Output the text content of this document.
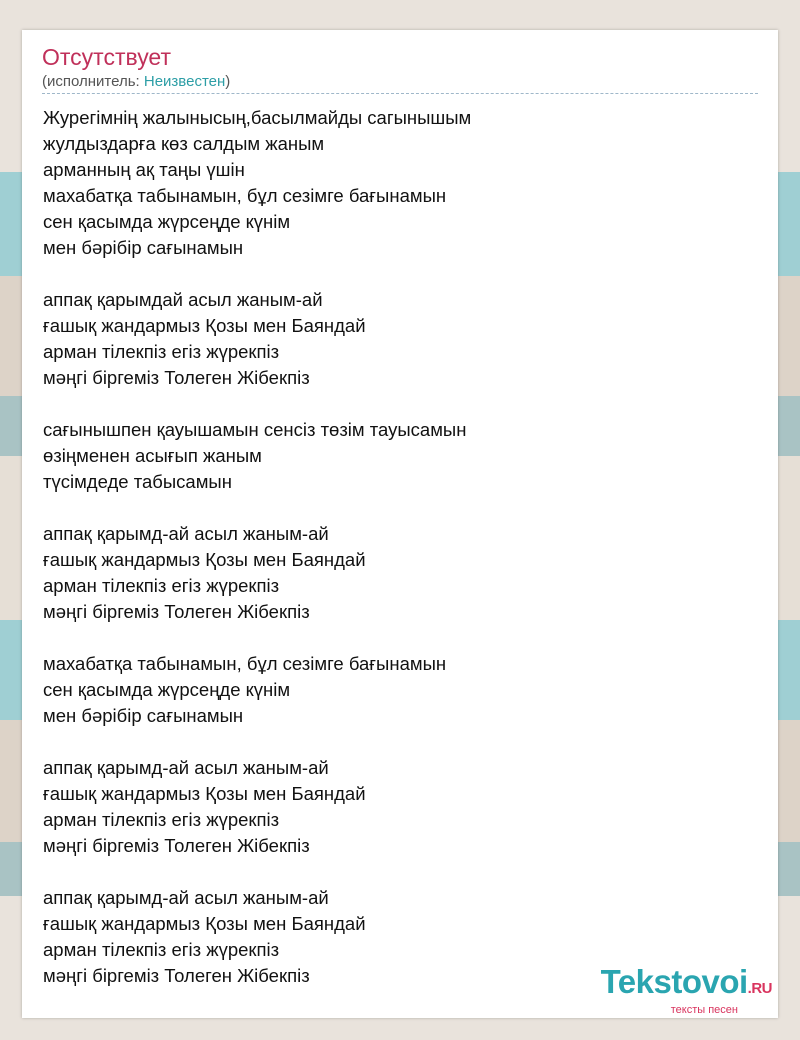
Отсутствует
(исполнитель: Неизвестен)
Журегімнің жалынысың,басылмайды сагынышым
жулдыздарға көз салдым жаным
арманның ақ таңы үшін
махабатқа табынамын, бұл сезімге бағынамын
сен қасымда жүрсеңде күнім
мен бәрібір сағынамын
аппақ қарымдай асыл жаным-ай
ғашық жандармыз Қозы мен Баяндай
арман тілекпіз егіз жүрекпіз
мәңгі біргеміз Толеген Жібекпіз
сағынышпен қауышамын сенсіз төзім тауысамын
өзіңменен асығып жаным
түсімдеде табысамын
аппақ қарымд-ай асыл жаным-ай
ғашық жандармыз Қозы мен Баяндай
арман тілекпіз егіз жүрекпіз
мәңгі біргеміз Толеген Жібекпіз
махабатқа табынамын, бұл сезімге бағынамын
сен қасымда жүрсеңде күнім
мен бәрібір сағынамын
аппақ қарымд-ай асыл жаным-ай
ғашық жандармыз Қозы мен Баяндай
арман тілекпіз егіз жүрекпіз
мәңгі біргеміз Толеген Жібекпіз
аппақ қарымд-ай асыл жаным-ай
ғашық жандармыз Қозы мен Баяндай
арман тілекпіз егіз жүрекпіз
мәңгі біргеміз Толеген Жібекпіз	Tekstovoi.RU
тексты песен
